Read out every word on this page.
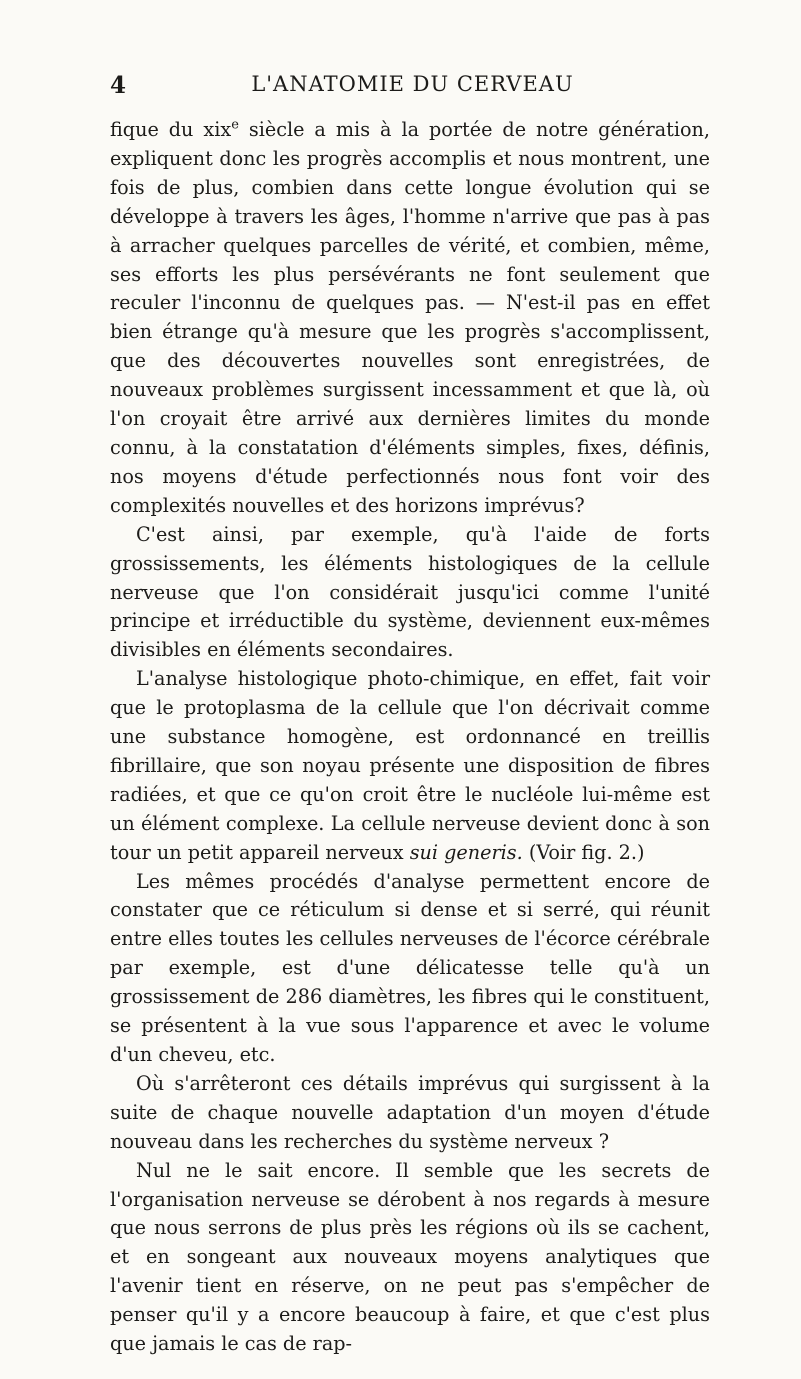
4	L'ANATOMIE DU CERVEAU

fique du xix$^e$ siècle a mis à la portée de notre génération, expliquent donc les progrès accomplis et nous montrent, une fois de plus, combien dans cette longue évolution qui se développe à travers les âges, l'homme n'arrive que pas à pas à arracher quelques parcelles de vérité, et combien, même, ses efforts les plus persévérants ne font seulement que reculer l'inconnu de quelques pas. — N'est-il pas en effet bien étrange qu'à mesure que les progrès s'accomplissent, que des découvertes nouvelles sont enregistrées, de nouveaux problèmes surgissent incessamment et que là, où l'on croyait être arrivé aux dernières limites du monde connu, à la constatation d'éléments simples, fixes, définis, nos moyens d'étude perfectionnés nous font voir des complexités nouvelles et des horizons imprévus?

C'est ainsi, par exemple, qu'à l'aide de forts grossissements, les éléments histologiques de la cellule nerveuse que l'on considérait jusqu'ici comme l'unité principe et irréductible du système, deviennent eux-mêmes divisibles en éléments secondaires.

L'analyse histologique photo-chimique, en effet, fait voir que le protoplasma de la cellule que l'on décrivait comme une substance homogène, est ordonnancé en treillis fibrillaire, que son noyau présente une disposition de fibres radiées, et que ce qu'on croit être le nucléole lui-même est un élément complexe. La cellule nerveuse devient donc à son tour un petit appareil nerveux sui generis. (Voir fig. 2.)

Les mêmes procédés d'analyse permettent encore de constater que ce réticulum si dense et si serré, qui réunit entre elles toutes les cellules nerveuses de l'écorce cérébrale par exemple, est d'une délicatesse telle qu'à un grossissement de 286 diamètres, les fibres qui le constituent, se présentent à la vue sous l'apparence et avec le volume d'un cheveu, etc.

Où s'arrêteront ces détails imprévus qui surgissent à la suite de chaque nouvelle adaptation d'un moyen d'étude nouveau dans les recherches du système nerveux ?

Nul ne le sait encore. Il semble que les secrets de l'organisation nerveuse se dérobent à nos regards à mesure que nous serrons de plus près les régions où ils se cachent, et en songeant aux nouveaux moyens analytiques que l'avenir tient en réserve, on ne peut pas s'empêcher de penser qu'il y a encore beaucoup à faire, et que c'est plus que jamais le cas de rap-
